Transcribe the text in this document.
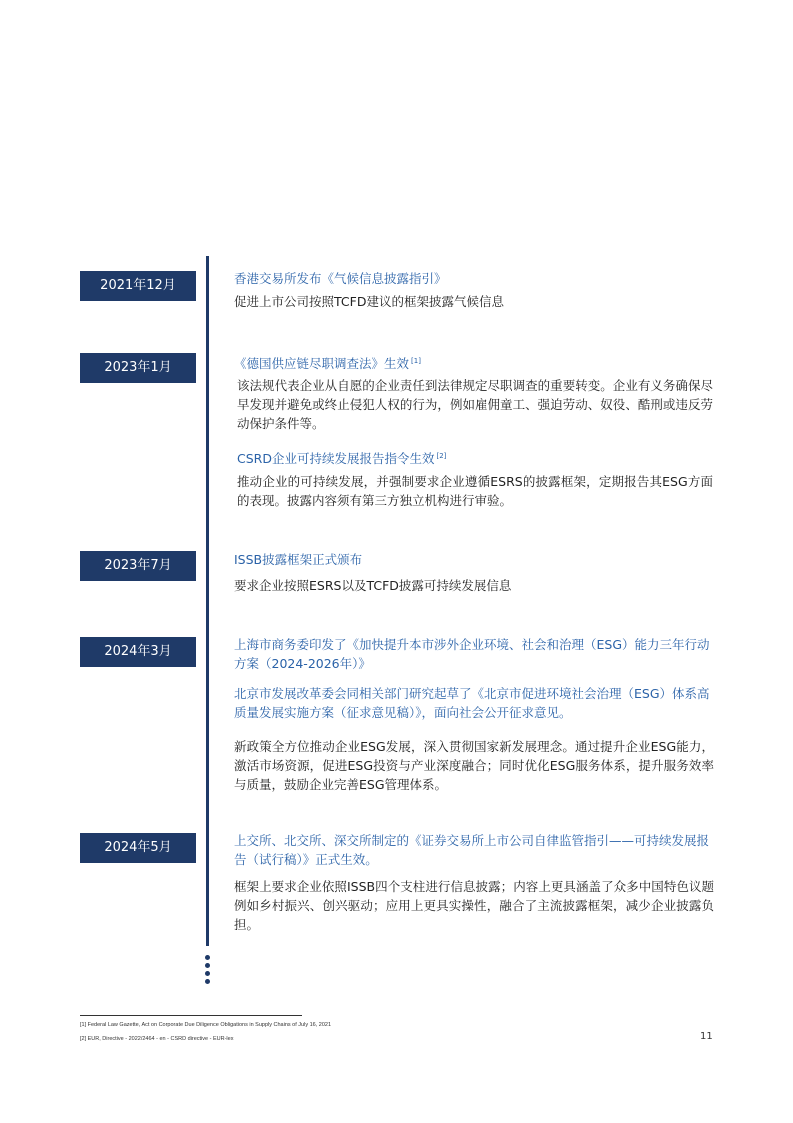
2021年12月	香港交易所发布《气候信息披露指引》
促进上市公司按照TCFD建议的框架披露气候信息
2023年1月	《德国供应链尽职调查法》生效 [1]
该法规代表企业从自愿的企业责任到法律规定尽职调查的重要转变。企业有义务确保尽早发现并避免或终止侵犯人权的行为，例如雇佣童工、强迫劳动、奴役、酷刑或违反劳动保护条件等。
CSRD企业可持续发展报告指令生效 [2]
推动企业的可持续发展，并强制要求企业遵循ESRS的披露框架，定期报告其ESG方面的表现。披露内容须有第三方独立机构进行审验。
2023年7月	ISSB披露框架正式颁布
要求企业按照ESRS以及TCFD披露可持续发展信息
2024年3月	上海市商务委印发了《加快提升本市涉外企业环境、社会和治理（ESG）能力三年行动方案（2024-2026年）》
北京市发展改革委会同相关部门研究起草了《北京市促进环境社会治理（ESG）体系高质量发展实施方案（征求意见稿）》，面向社会公开征求意见。
新政策全方位推动企业ESG发展，深入贯彻国家新发展理念。通过提升企业ESG能力，激活市场资源，促进ESG投资与产业深度融合；同时优化ESG服务体系，提升服务效率与质量，鼓励企业完善ESG管理体系。
2024年5月	上交所、北交所、深交所制定的《证券交易所上市公司自律监管指引——可持续发展报告（试行稿）》正式生效。
框架上要求企业依照ISSB四个支柱进行信息披露；内容上更具涵盖了众多中国特色议题例如乡村振兴、创兴驱动；应用上更具实操性，融合了主流披露框架，减少企业披露负担。
[1] Federal Law Gazette, Act on Corporate Due Diligence Obligations in Supply Chains of July 16, 2021
[2] EUR, Directive - 2022/2464 - en - CSRD directive - EUR-lex	11
